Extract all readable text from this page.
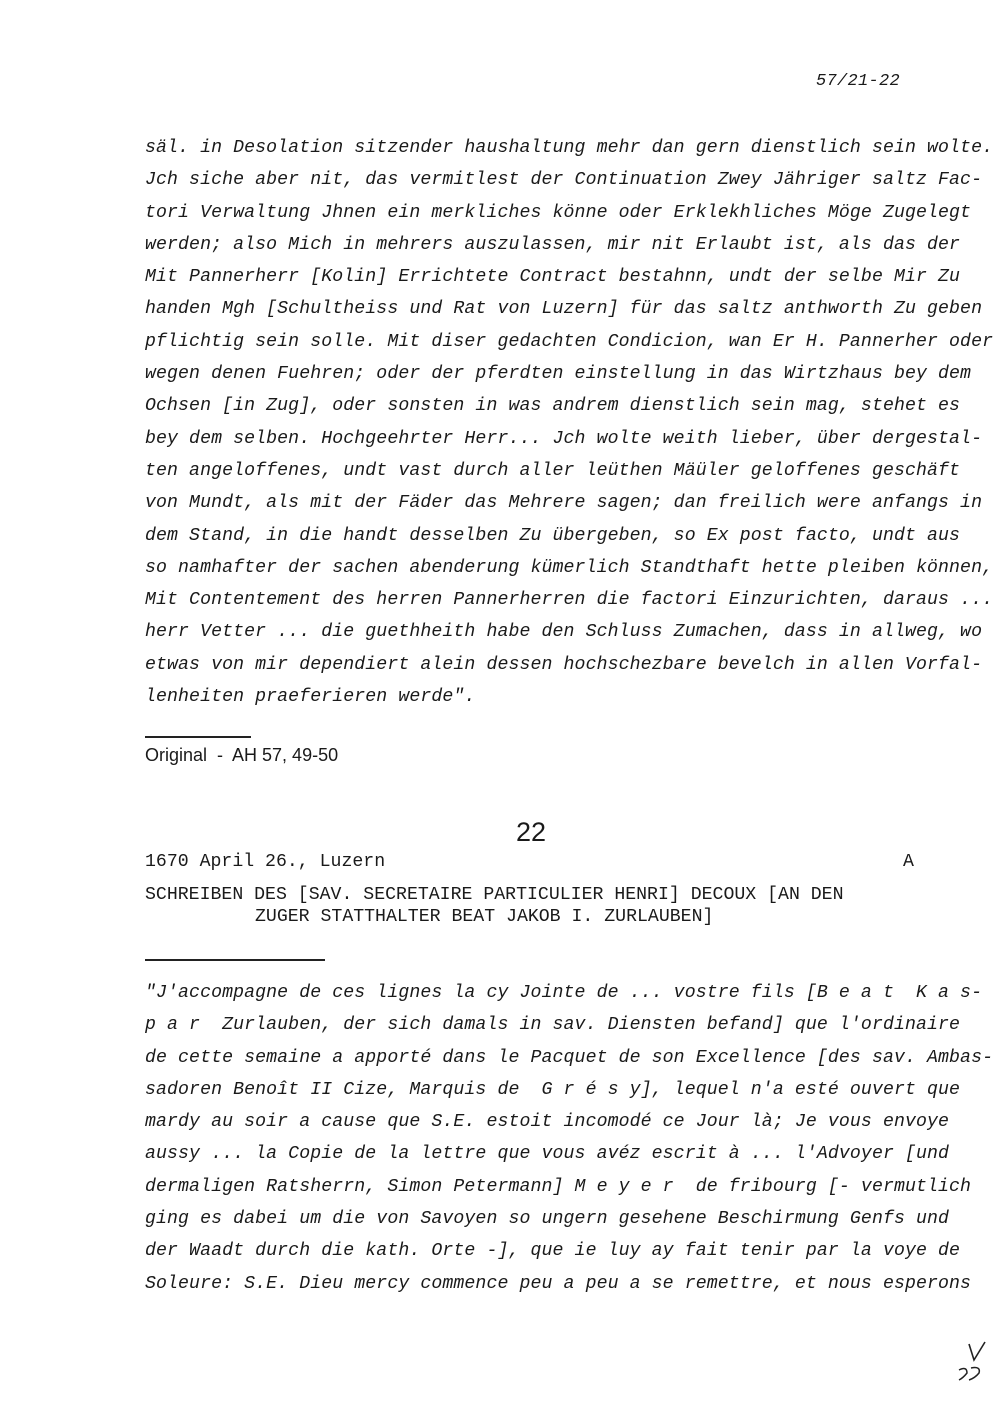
57/21-22
säl. in Desolation sitzender haushaltung mehr dan gern dienstlich sein wolte.
Jch siche aber nit, das vermitlest der Continuation Zwey Jähriger saltz Fac-
tori Verwaltung Jhnen ein merkliches könne oder Erklekhliches Möge Zugelegt
werden; also Mich in mehrers auszulassen, mir nit Erlaubt ist, als das der
Mit Pannerherr [Kolin] Errichtete Contract bestahnn, undt der selbe Mir Zu
handen Mgh [Schultheiss und Rat von Luzern] für das saltz anthworth Zu geben
pflichtig sein solle. Mit diser gedachten Condicion, wan Er H. Pannerher oder
wegen denen Fuehren; oder der pferdten einstellung in das Wirtzhaus bey dem
Ochsen [in Zug], oder sonsten in was andrem dienstlich sein mag, stehet es
bey dem selben. Hochgeehrter Herr... Jch wolte weith lieber, über dergestal-
ten angeloffenes, undt vast durch aller leüthen Mäüler geloffenes geschäft
von Mundt, als mit der Fäder das Mehrere sagen; dan freilich were anfangs in
dem Stand, in die handt desselben Zu übergeben, so Ex post facto, undt aus
so namhafter der sachen abenderung kümerlich Standthaft hette pleiben können,
Mit Contentement des herren Pannerherren die factori Einzurichten, daraus ...
herr Vetter ... die guethheith habe den Schluss Zumachen, dass in allweg, wo
etwas von mir dependiert alein dessen hochschezbare bevelch in allen Vorfal-
lenheiten praeferieren werde".
Original  -  AH 57, 49-50
22
1670 April 26., Luzern	A
SCHREIBEN DES [SAV. SECRETAIRE PARTICULIER HENRI] DECOUX [AN DEN
ZUGER STATTHALTER BEAT JAKOB I. ZURLAUBEN]
"J'accompagne de ces lignes la cy Jointe de ... vostre fils [B e a t  K a s-
p a r  Zurlauben, der sich damals in sav. Diensten befand] que l'ordinaire
de cette semaine a apporté dans le Pacquet de son Excellence [des sav. Ambas-
sadoren Benoît II Cize, Marquis de  G r é s y], lequel n'a esté ouvert que
mardy au soir a cause que S.E. estoit incomodé ce Jour là; Je vous envoye
aussy ... la Copie de la lettre que vous avéz escrit à ... l'Advoyer [und
dermaligen Ratsherrn, Simon Petermann] M e y e r  de fribourg [- vermutlich
ging es dabei um die von Savoyen so ungern gesehene Beschirmung Genfs und
der Waadt durch die kath. Orte -], que ie luy ay fait tenir par la voye de
Soleure: S.E. Dieu mercy commence peu a peu a se remettre, et nous esperons
